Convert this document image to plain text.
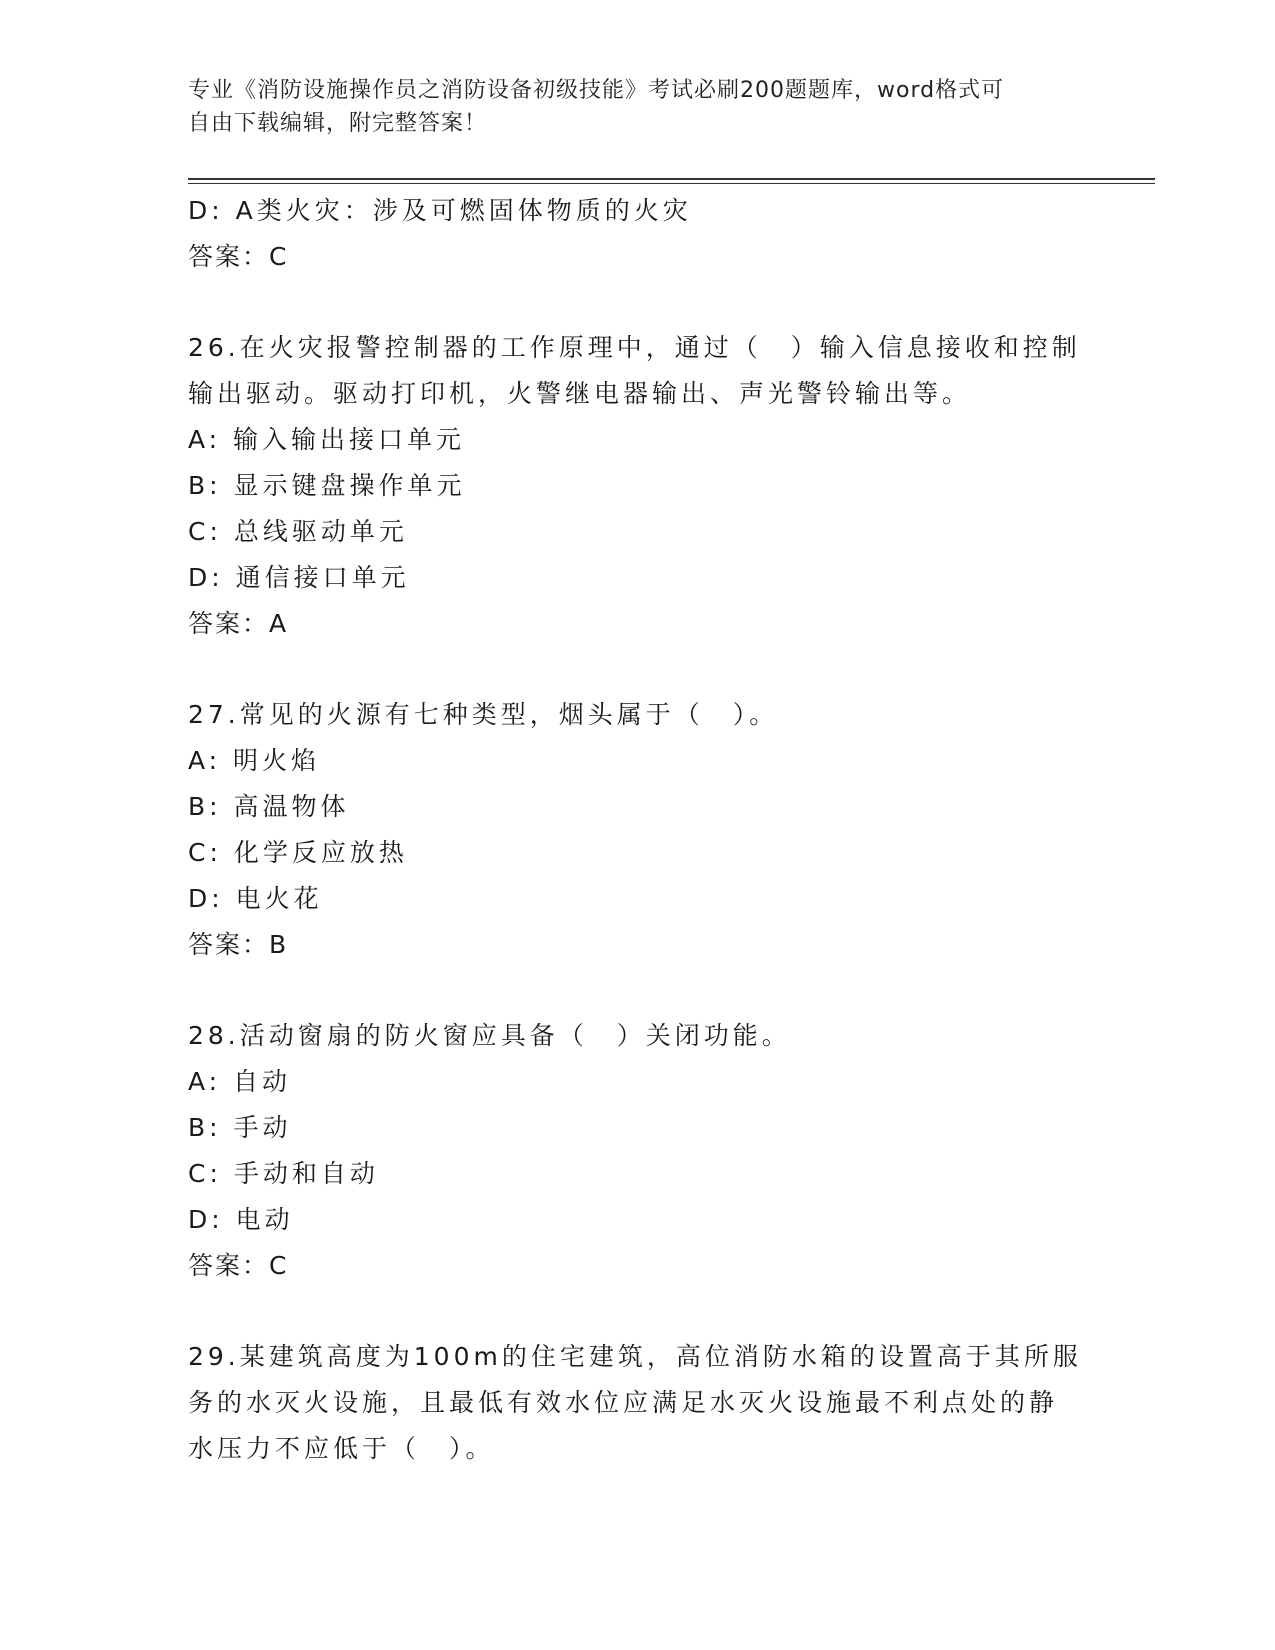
专业《消防设施操作员之消防设备初级技能》考试必刷200题题库，word格式可
自由下载编辑，附完整答案！
D: A类火灾：涉及可燃固体物质的火灾
答案：C
26.在火灾报警控制器的工作原理中，通过（　）输入信息接收和控制
输出驱动。驱动打印机，火警继电器输出、声光警铃输出等。
A: 输入输出接口单元
B: 显示键盘操作单元
C: 总线驱动单元
D: 通信接口单元
答案：A
27.常见的火源有七种类型，烟头属于（　）。
A: 明火焰
B: 高温物体
C: 化学反应放热
D: 电火花
答案：B
28.活动窗扇的防火窗应具备（　）关闭功能。
A: 自动
B: 手动
C: 手动和自动
D: 电动
答案：C
29.某建筑高度为100m的住宅建筑，高位消防水箱的设置高于其所服
务的水灭火设施，且最低有效水位应满足水灭火设施最不利点处的静
水压力不应低于（　）。
